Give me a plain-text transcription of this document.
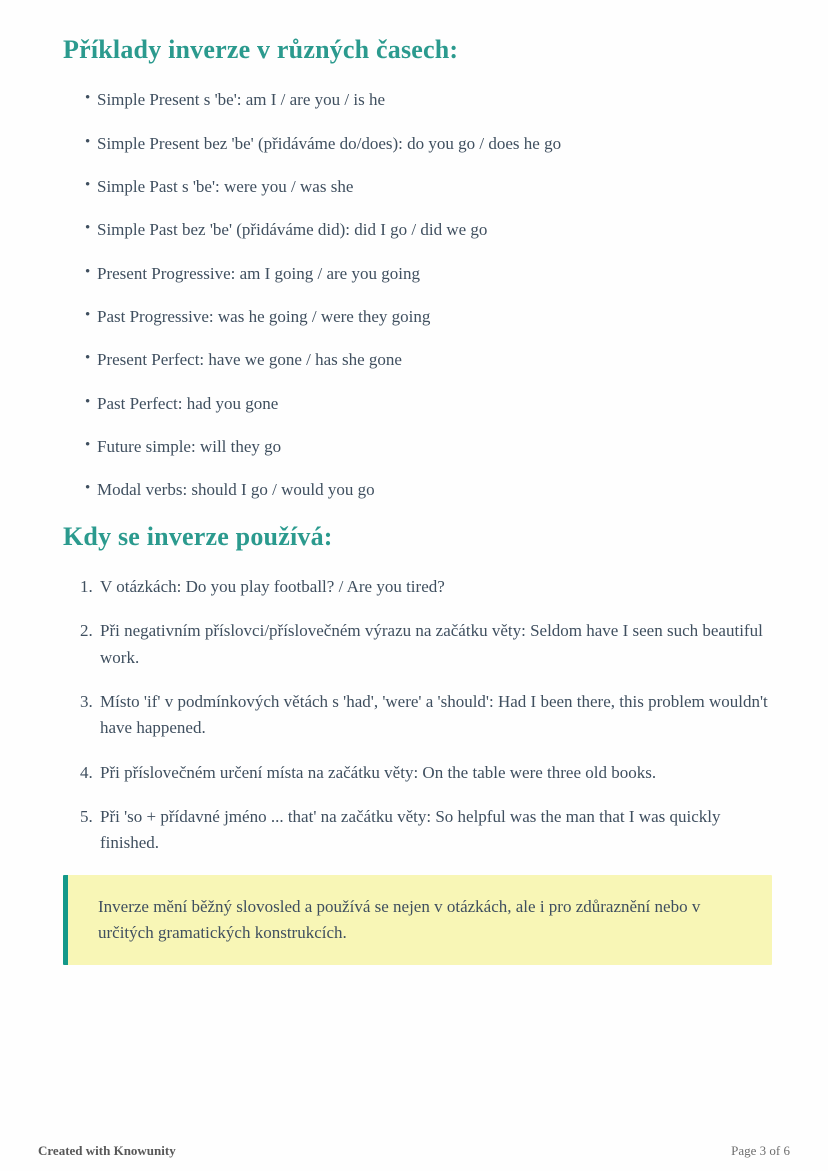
Příklady inverze v různých časech:
• Simple Present s 'be': am I / are you / is he
• Simple Present bez 'be' (přidáváme do/does): do you go / does he go
• Simple Past s 'be': were you / was she
• Simple Past bez 'be' (přidáváme did): did I go / did we go
• Present Progressive: am I going / are you going
• Past Progressive: was he going / were they going
• Present Perfect: have we gone / has she gone
• Past Perfect: had you gone
• Future simple: will they go
• Modal verbs: should I go / would you go
Kdy se inverze používá:
1. V otázkách: Do you play football? / Are you tired?
2. Při negativním příslovci/příslovečném výrazu na začátku věty: Seldom have I seen such beautiful work.
3. Místo 'if' v podmínkových větách s 'had', 'were' a 'should': Had I been there, this problem wouldn't have happened.
4. Při příslovečném určení místa na začátku věty: On the table were three old books.
5. Při 'so + přídavné jméno ... that' na začátku věty: So helpful was the man that I was quickly finished.

Inverze mění běžný slovosled a používá se nejen v otázkách, ale i pro zdůraznění nebo v určitých gramatických konstrukcích.

Created with Knowunity	Page 3 of 6
